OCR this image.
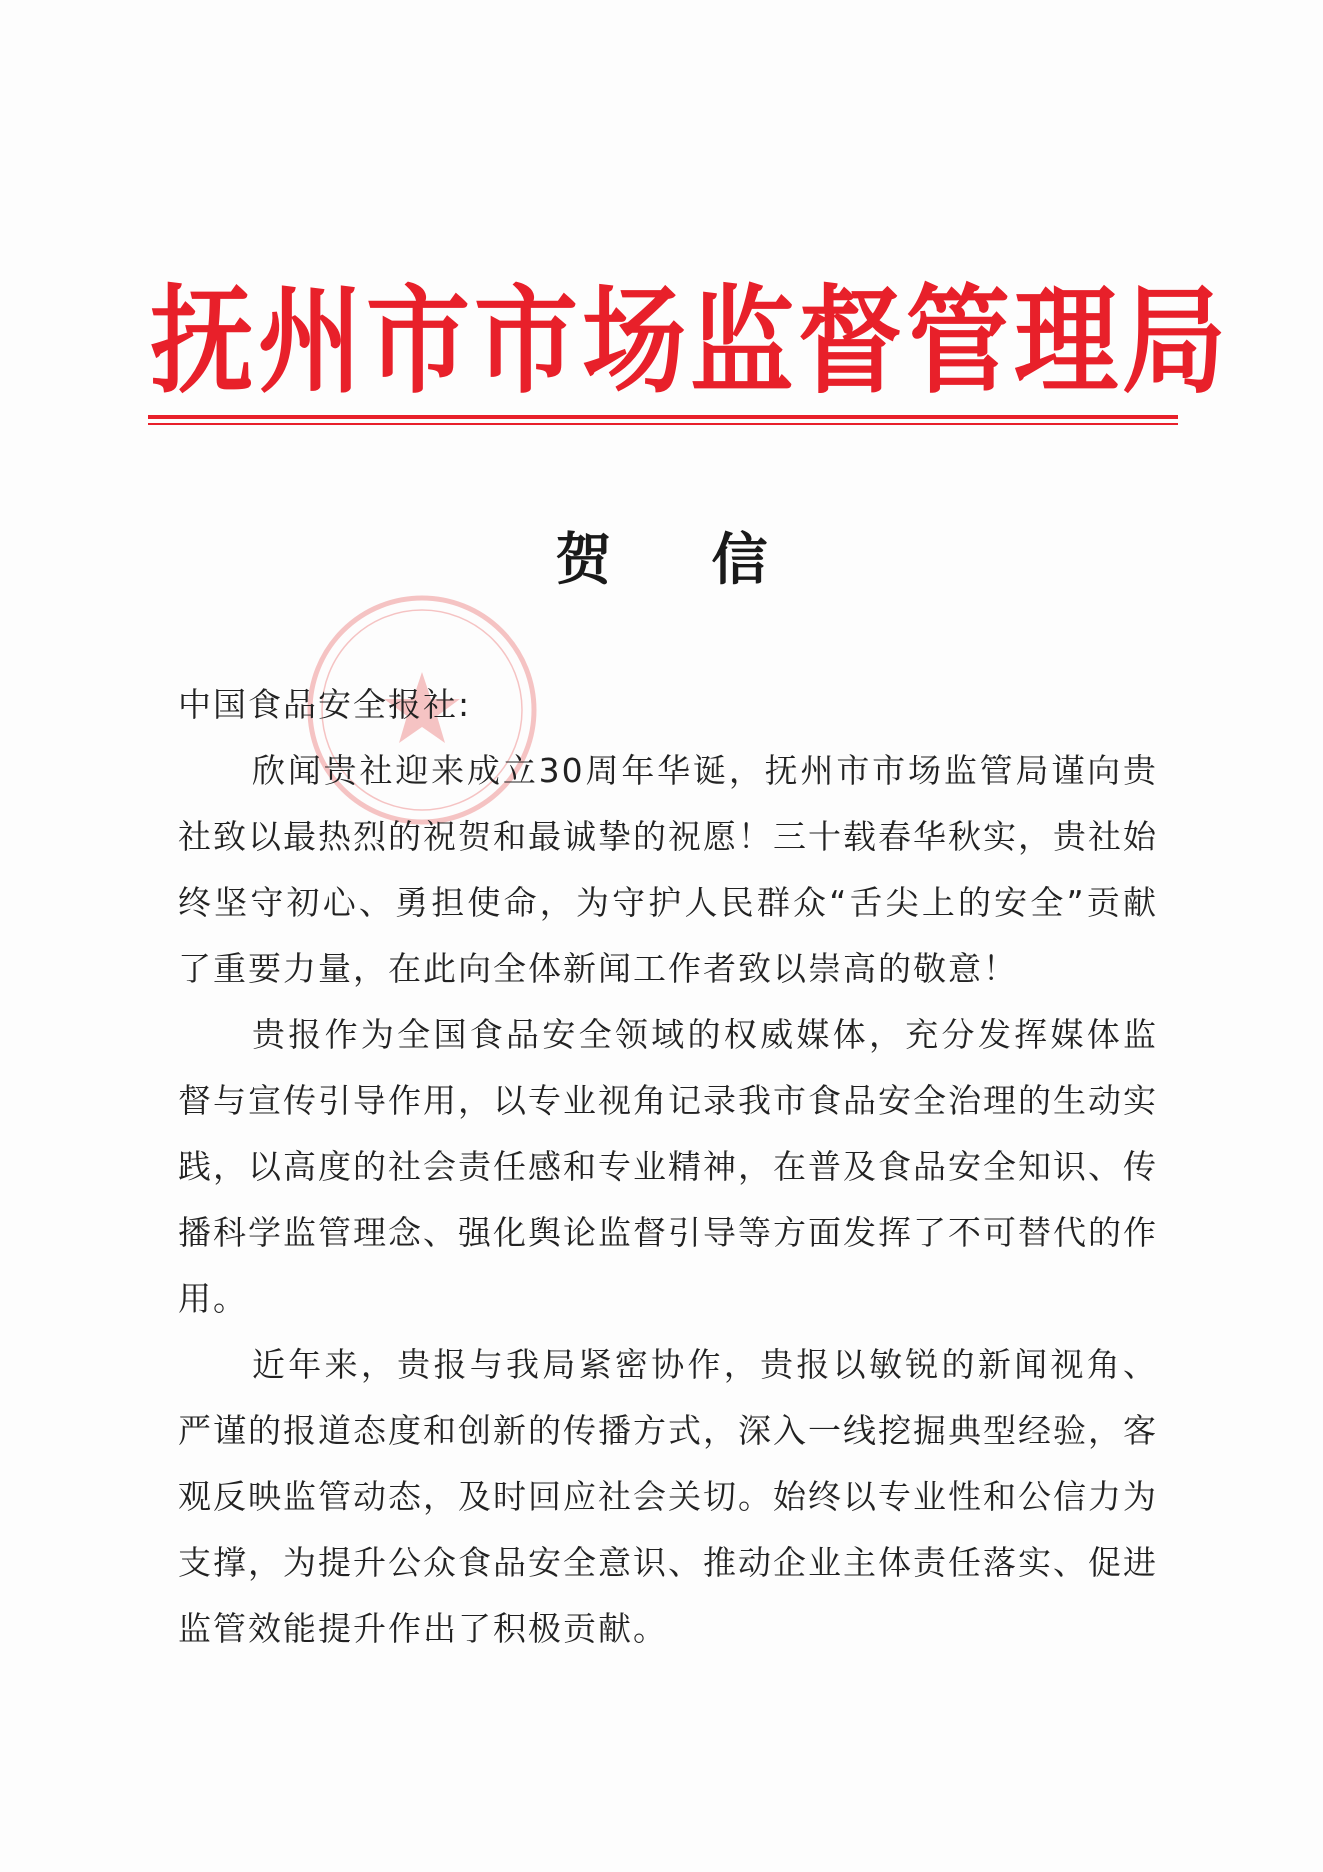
抚州市市场监督管理局
贺信

中国食品安全报社:

欣闻贵社迎来成立30周年华诞，抚州市市场监管局谨向贵社致以最热烈的祝贺和最诚挚的祝愿！三十载春华秋实，贵社始终坚守初心、勇担使命，为守护人民群众“舌尖上的安全”贡献了重要力量，在此向全体新闻工作者致以崇高的敬意！

贵报作为全国食品安全领域的权威媒体，充分发挥媒体监督与宣传引导作用，以专业视角记录我市食品安全治理的生动实践，以高度的社会责任感和专业精神，在普及食品安全知识、传播科学监管理念、强化舆论监督引导等方面发挥了不可替代的作用。

近年来，贵报与我局紧密协作，贵报以敏锐的新闻视角、严谨的报道态度和创新的传播方式，深入一线挖掘典型经验，客观反映监管动态，及时回应社会关切。始终以专业性和公信力为支撑，为提升公众食品安全意识、推动企业主体责任落实、促进监管效能提升作出了积极贡献。
